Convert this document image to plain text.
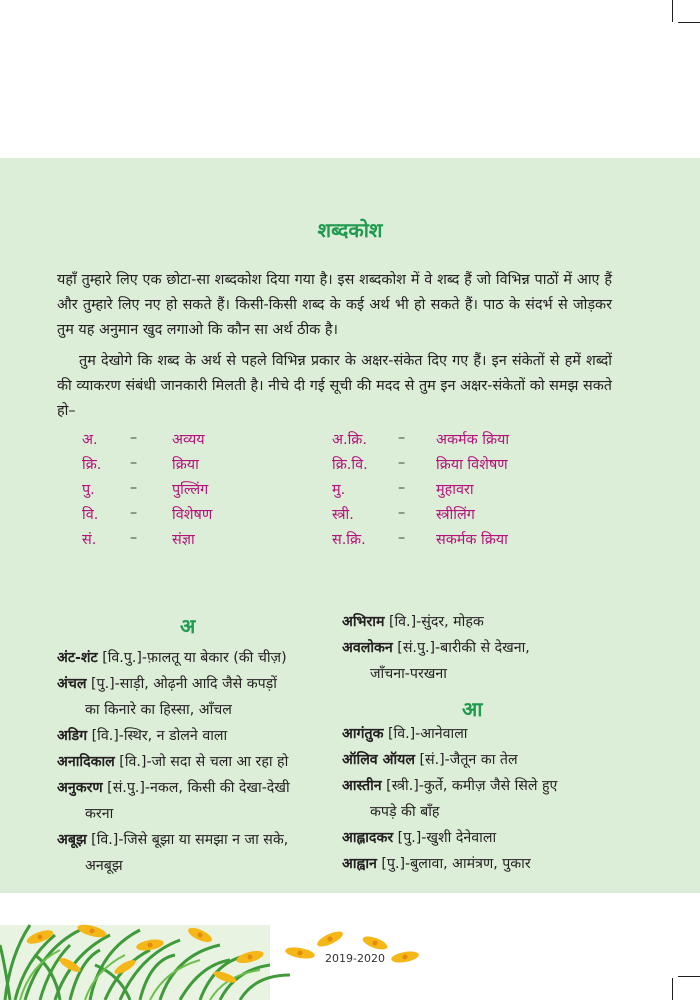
शब्दकोश

यहाँ तुम्हारे लिए एक छोटा-सा शब्दकोश दिया गया है। इस शब्दकोश में वे शब्द हैं जो विभिन्न पाठों में आए हैं और तुम्हारे लिए नए हो सकते हैं। किसी-किसी शब्द के कई अर्थ भी हो सकते हैं। पाठ के संदर्भ से जोड़कर तुम यह अनुमान खुद लगाओ कि कौन सा अर्थ ठीक है।

तुम देखोगे कि शब्द के अर्थ से पहले विभिन्न प्रकार के अक्षर-संकेत दिए गए हैं। इन संकेतों से हमें शब्दों की व्याकरण संबंधी जानकारी मिलती है। नीचे दी गई सूची की मदद से तुम इन अक्षर-संकेतों को समझ सकते हो–

अ. – अव्यय	अ.क्रि. – अकर्मक क्रिया
क्रि. – क्रिया	क्रि.वि. – क्रिया विशेषण
पु. – पुल्लिंग	मु.	– मुहावरा
वि. – विशेषण	स्त्री.	– स्त्रीलिंग
सं. – संज्ञा	स.क्रि. – सकर्मक क्रिया
अ

अंट-शंट [वि.पु.]-फ़ालतू या बेकार (की चीज़)

अंचल [पु.]-साड़ी, ओढ़नी आदि जैसे कपड़ों
का किनारे का हिस्सा, आँचल

अडिग [वि.]-स्थिर, न डोलने वाला

अनादिकाल [वि.]-जो सदा से चला आ रहा हो

अनुकरण [सं.पु.]-नकल, किसी की देखा-देखी
करना

अबूझ [वि.]-जिसे बूझा या समझा न जा सके,
अनबूझ

अभिराम [वि.]-सुंदर, मोहक

अवलोकन [सं.पु.]-बारीकी से देखना,
जाँचना-परखना

आ

आगंतुक [वि.]-आनेवाला

ऑलिव ऑयल [सं.]-जैतून का तेल

आस्तीन [स्त्री.]-कुर्ते, कमीज़ जैसे सिले हुए
कपड़े की बाँह

आह्लादकर [पु.]-खुशी देनेवाला

आह्वान [पु.]-बुलावा, आमंत्रण, पुकार

2019-2020
